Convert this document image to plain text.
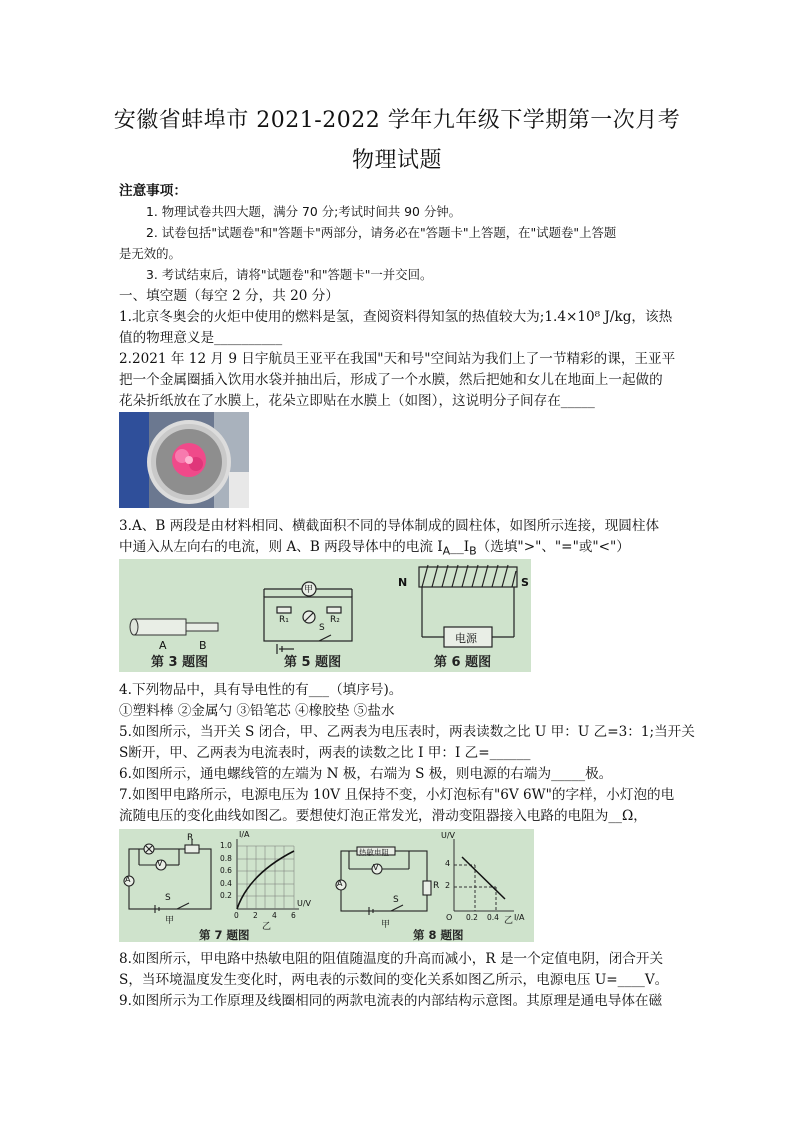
安徽省蚌埠市 2021-2022 学年九年级下学期第一次月考
物理试题
注意事项：
1. 物理试卷共四大题，满分 70 分;考试时间共 90 分钟。
2. 试卷包括"试题卷"和"答题卡"两部分，请务必在"答题卡"上答题，在"试题卷"上答题
是无效的。
3. 考试结束后，请将"试题卷"和"答题卡"一并交回。
一、填空题（每空 2 分，共 20 分）
1.北京冬奥会的火炬中使用的燃料是氢，查阅资料得知氢的热值较大为;1.4×10⁸ J/kg，该热
值的物理意义是__________
2.2021 年 12 月 9 日宇航员王亚平在我国"天和号"空间站为我们上了一节精彩的课，王亚平
把一个金属圈插入饮用水袋并抽出后，形成了一个水膜，然后把她和女儿在地面上一起做的
花朵折纸放在了水膜上，花朵立即贴在水膜上（如图），这说明分子间存在_____
3.A、B 两段是由材料相同、横截面积不同的导体制成的圆柱体，如图所示连接，现圆柱体
中通入从左向右的电流，则 A、B 两段导体中的电流 $I_A\_\_I_B$（选填">"、"="或"<"）
A	B
甲
R₁	R₂
S
N	S
电源
第 3 题图	第 5 题图	第 6 题图
4.下列物品中，具有导电性的有___（填序号)。
①塑料棒 ②金属勺 ③铅笔芯 ④橡胶垫 ⑤盐水
5.如图所示，当开关 S 闭合，甲、乙两表为电压表时，两表读数之比 U 甲：U 乙=3：1;当开关
S断开，甲、乙两表为电流表时，两表的读数之比 I 甲：I 乙=______
6.如图所示，通电螺线管的左端为 N 极，右端为 S 极，则电源的右端为_____极。
7.如图甲电路所示，电源电压为 10V 且保持不变，小灯泡标有"6V 6W"的字样，小灯泡的电
流随电压的变化曲线如图乙。要想使灯泡正常发光，滑动变阻器接入电路的电阻为__Ω，
R
V
A
S
甲
I/A
U/V
1.0
0.8
0.6
0.4
0.2
0 2 4 6
乙
热敏电阻
V
A	R
S
甲
U/V
I/A
4
2
O 0.2 0.4 乙
第 7 题图	第 8 题图
8.如图所示，甲电路中热敏电阻的阻值随温度的升高而减小，R 是一个定值电阴，闭合开关
S，当环境温度发生变化时，两电表的示数间的变化关系如图乙所示，电源电压 U=____V。
9.如图所示为工作原理及线圈相同的两款电流表的内部结构示意图。其原理是通电导体在磁
